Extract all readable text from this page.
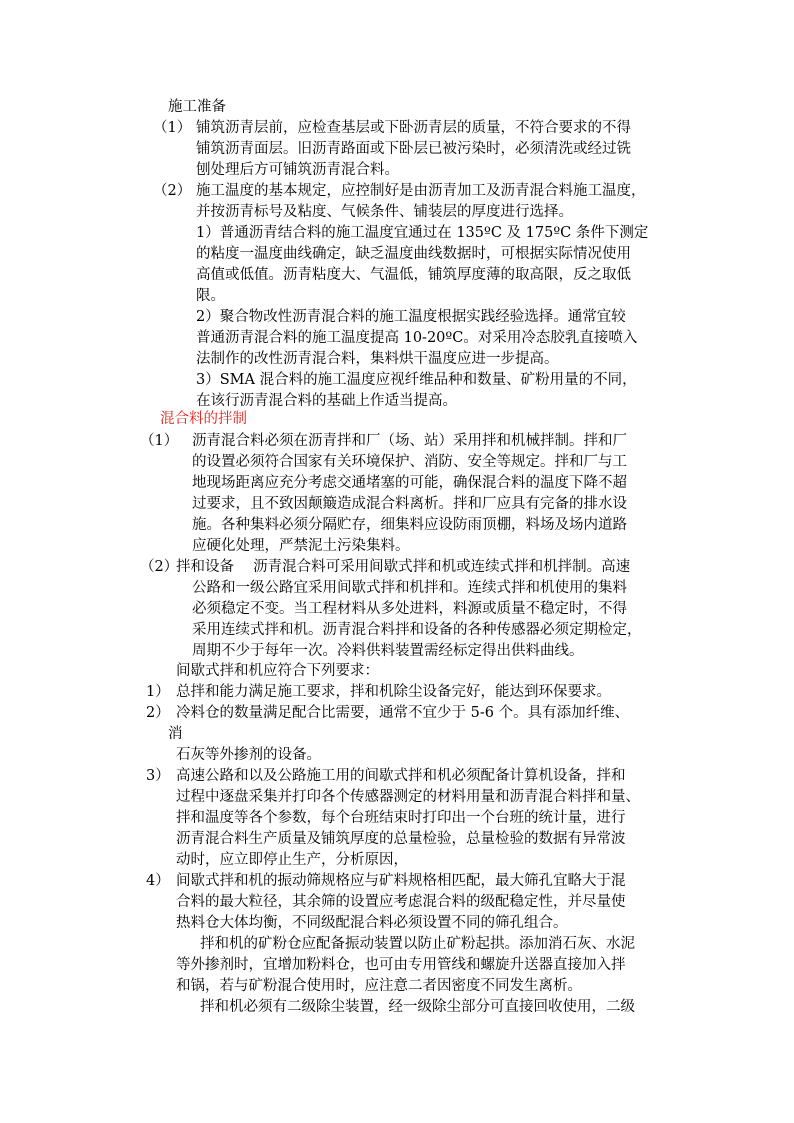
施工准备
（1） 铺筑沥青层前，应检查基层或下卧沥青层的质量，不符合要求的不得
铺筑沥青面层。旧沥青路面或下卧层已被污染时，必须清洗或经过铣
刨处理后方可铺筑沥青混合料。
（2） 施工温度的基本规定，应控制好是由沥青加工及沥青混合料施工温度，
并按沥青标号及粘度、气候条件、铺装层的厚度进行选择。
1）普通沥青结合料的施工温度宜通过在 135ºC 及 175ºC 条件下测定
的粘度一温度曲线确定，缺乏温度曲线数据时，可根据实际情况使用
高值或低值。沥青粘度大、气温低，铺筑厚度薄的取高限，反之取低
限。
2）聚合物改性沥青混合料的施工温度根据实践经验选择。通常宜较
普通沥青混合料的施工温度提高 10-20ºC。对采用冷态胶乳直接喷入
法制作的改性沥青混合料，集料烘干温度应进一步提高。
3）SMA 混合料的施工温度应视纤维品种和数量、矿粉用量的不同，
在该行沥青混合料的基础上作适当提高。
混合料的拌制
（1） 沥青混合料必须在沥青拌和厂（场、站）采用拌和机械拌制。拌和厂
的设置必须符合国家有关环境保护、消防、安全等规定。拌和厂与工
地现场距离应充分考虑交通堵塞的可能，确保混合料的温度下降不超
过要求，且不致因颠簸造成混合料离析。拌和厂应具有完备的排水设
施。各种集料必须分隔贮存，细集料应设防雨顶棚，料场及场内道路
应硬化处理，严禁泥土污染集料。
（2）
拌和设备　 沥青混合料可采用间歇式拌和机或连续式拌和机拌制。高速
公路和一级公路宜采用间歇式拌和机拌和。连续式拌和机使用的集料
必须稳定不变。当工程材料从多处进料，料源或质量不稳定时，不得
采用连续式拌和机。沥青混合料拌和设备的各种传感器必须定期检定，
周期不少于每年一次。冷料供料装置需经标定得出供料曲线。
间歇式拌和机应符合下列要求：
1） 总拌和能力满足施工要求，拌和机除尘设备完好，能达到环保要求。
2） 冷料仓的数量满足配合比需要，通常不宜少于 5-6 个。具有添加纤维、
消
石灰等外掺剂的设备。
3） 高速公路和以及公路施工用的间歇式拌和机必须配备计算机设备，拌和
过程中逐盘采集并打印各个传感器测定的材料用量和沥青混合料拌和量、
拌和温度等各个参数，每个台班结束时打印出一个台班的统计量，进行
沥青混合料生产质量及铺筑厚度的总量检验，总量检验的数据有异常波
动时，应立即停止生产，分析原因，
4） 间歇式拌和机的振动筛规格应与矿料规格相匹配，最大筛孔宜略大于混
合料的最大粒径，其余筛的设置应考虑混合料的级配稳定性，并尽量使
热料仓大体均衡，不同级配混合料必须设置不同的筛孔组合。
拌和机的矿粉仓应配备振动装置以防止矿粉起拱。添加消石灰、水泥
等外掺剂时，宜增加粉料仓，也可由专用管线和螺旋升送器直接加入拌
和锅，若与矿粉混合使用时，应注意二者因密度不同发生离析。
拌和机必须有二级除尘装置，经一级除尘部分可直接回收使用，二级
